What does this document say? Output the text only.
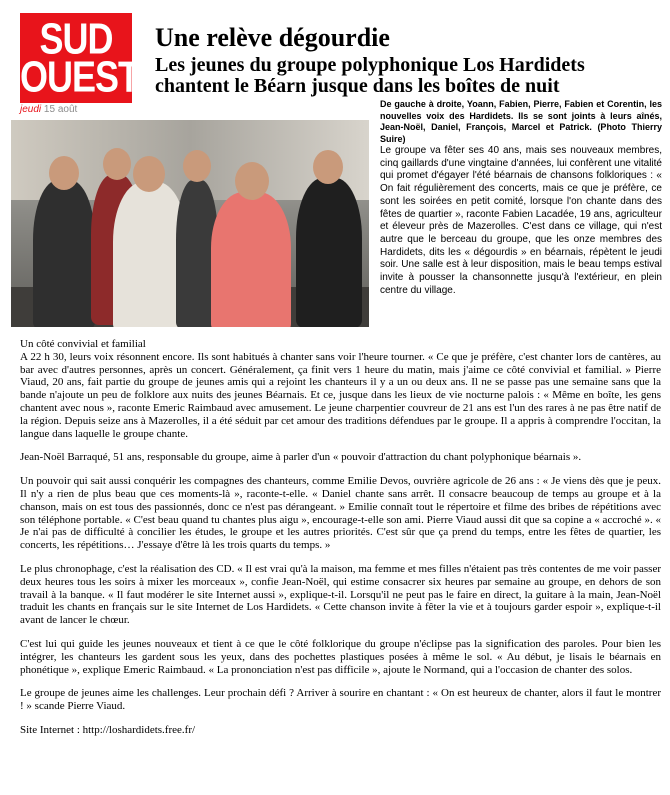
SUD
OUEST
jeudi 15 août
Une relève dégourdie
Les jeunes du groupe polyphonique Los Hardidets chantent le Béarn jusque dans les boîtes de nuit
De gauche à droite, Yoann, Fabien, Pierre, Fabien et Corentin, les nouvelles voix des Hardidets. Ils se sont joints à leurs aînés, Jean-Noël, Daniel, François, Marcel et Patrick. (Photo Thierry Suire)
Le groupe va fêter ses 40 ans, mais ses nouveaux membres, cinq gaillards d'une vingtaine d'années, lui confèrent une vitalité qui promet d'égayer l'été béarnais de chansons folkloriques : « On fait régulièrement des concerts, mais ce que je préfère, ce sont les soirées en petit comité, lorsque l'on chante dans des fêtes de quartier », raconte Fabien Lacadée, 19 ans, agriculteur et éleveur près de Mazerolles. C'est dans ce village, qui n'est autre que le berceau du groupe, que les onze membres des Hardidets, dits les « dégourdis » en béarnais, répètent le jeudi soir. Une salle est à leur disposition, mais le beau temps estival invite à pousser la chansonnette jusqu'à l'extérieur, en plein centre du village.

Un côté convivial et familial

A 22 h 30, leurs voix résonnent encore. Ils sont habitués à chanter sans voir l'heure tourner. « Ce que je préfère, c'est chanter lors de cantères, au bar avec d'autres personnes, après un concert. Généralement, ça finit vers 1 heure du matin, mais j'aime ce côté convivial et familial. » Pierre Viaud, 20 ans, fait partie du groupe de jeunes amis qui a rejoint les chanteurs il y a un ou deux ans. Il ne se passe pas une semaine sans que la bande n'ajoute un peu de folklore aux nuits des jeunes Béarnais. Et ce, jusque dans les lieux de vie nocturne palois : « Même en boîte, les gens chantent avec nous », raconte Emeric Raimbaud avec amusement. Le jeune charpentier couvreur de 21 ans est l'un des rares à ne pas être natif de la région. Depuis seize ans à Mazerolles, il a été séduit par cet amour des traditions défendues par le groupe. Il a appris à comprendre l'occitan, la langue dans laquelle le groupe chante.

Jean-Noël Barraqué, 51 ans, responsable du groupe, aime à parler d'un « pouvoir d'attraction du chant polyphonique béarnais ».

Un pouvoir qui sait aussi conquérir les compagnes des chanteurs, comme Emilie Devos, ouvrière agricole de 26 ans : « Je viens dès que je peux. Il n'y a rien de plus beau que ces moments-là », raconte-t-elle. « Daniel chante sans arrêt. Il consacre beaucoup de temps au groupe et à la chanson, mais on est tous des passionnés, donc ce n'est pas dérangeant. » Emilie connaît tout le répertoire et filme des bribes de répétitions avec son téléphone portable. « C'est beau quand tu chantes plus aigu », encourage-t-elle son ami. Pierre Viaud aussi dit que sa copine a « accroché ». « Je n'ai pas de difficulté à concilier les études, le groupe et les autres priorités. C'est sûr que ça prend du temps, entre les fêtes de quartier, les concerts, les répétitions… J'essaye d'être là les trois quarts du temps. »

Le plus chronophage, c'est la réalisation des CD. « Il est vrai qu'à la maison, ma femme et mes filles n'étaient pas très contentes de me voir passer deux heures tous les soirs à mixer les morceaux », confie Jean-Noël, qui estime consacrer six heures par semaine au groupe, en dehors de son travail à la banque. « Il faut modérer le site Internet aussi », explique-t-il. Lorsqu'il ne peut pas le faire en direct, la guitare à la main, Jean-Noël traduit les chants en français sur le site Internet de Los Hardidets. « Cette chanson invite à fêter la vie et à toujours garder espoir », explique-t-il avant de lancer le chœur.

C'est lui qui guide les jeunes nouveaux et tient à ce que le côté folklorique du groupe n'éclipse pas la signification des paroles. Pour bien les intégrer, les chanteurs les gardent sous les yeux, dans des pochettes plastiques posées à même le sol. « Au début, je lisais le béarnais en phonétique », explique Emeric Raimbaud. « La prononciation n'est pas difficile », ajoute le Normand, qui a l'occasion de chanter des solos.

Le groupe de jeunes aime les challenges. Leur prochain défi ? Arriver à sourire en chantant : « On est heureux de chanter, alors il faut le montrer ! » scande Pierre Viaud.

Site Internet : http://loshardidets.free.fr/
